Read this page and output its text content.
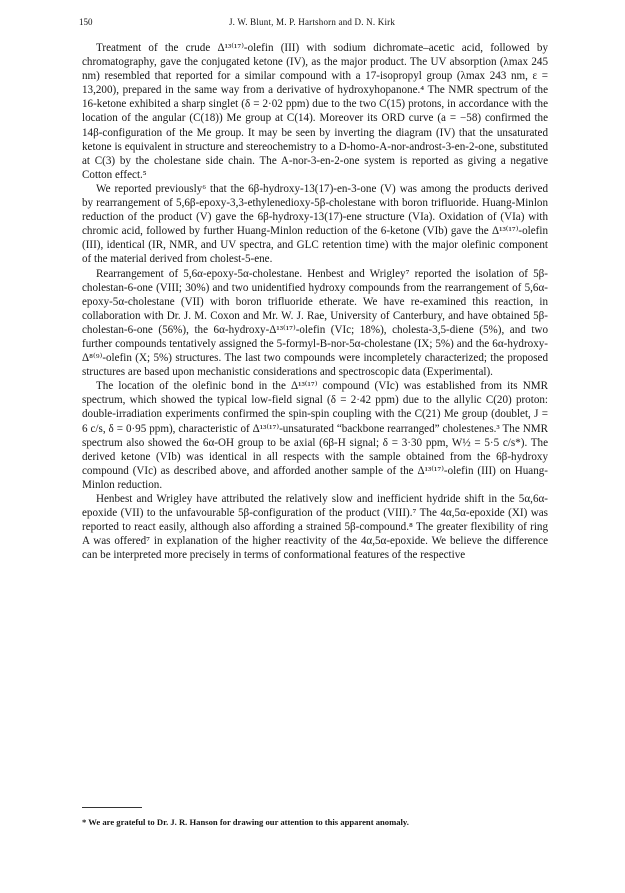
150	J. W. Blunt, M. P. Hartshorn and D. N. Kirk

Treatment of the crude Δ¹³⁽¹⁷⁾-olefin (III) with sodium dichromate–acetic acid, followed by chromatography, gave the conjugated ketone (IV), as the major product. The UV absorption (λmax 245 nm) resembled that reported for a similar compound with a 17-isopropyl group (λmax 243 nm, ε = 13,200), prepared in the same way from a derivative of hydroxyhopanone.⁴ The NMR spectrum of the 16-ketone exhibited a sharp singlet (δ = 2·02 ppm) due to the two C(15) protons, in accordance with the location of the angular (C(18)) Me group at C(14). Moreover its ORD curve (a = −58) confirmed the 14β-configuration of the Me group. It may be seen by inverting the diagram (IV) that the unsaturated ketone is equivalent in structure and stereochemistry to a D-homo-A-nor-androst-3-en-2-one, substituted at C(3) by the cholestane side chain. The A-nor-3-en-2-one system is reported as giving a negative Cotton effect.⁵

We reported previously⁶ that the 6β-hydroxy-13(17)-en-3-one (V) was among the products derived by rearrangement of 5,6β-epoxy-3,3-ethylenedioxy-5β-cholestane with boron trifluoride. Huang-Minlon reduction of the product (V) gave the 6β-hydroxy-13(17)-ene structure (VIa). Oxidation of (VIa) with chromic acid, followed by further Huang-Minlon reduction of the 6-ketone (VIb) gave the Δ¹³⁽¹⁷⁾-olefin (III), identical (IR, NMR, and UV spectra, and GLC retention time) with the major olefinic component of the material derived from cholest-5-ene.

Rearrangement of 5,6α-epoxy-5α-cholestane. Henbest and Wrigley⁷ reported the isolation of 5β-cholestan-6-one (VIII; 30%) and two unidentified hydroxy compounds from the rearrangement of 5,6α-epoxy-5α-cholestane (VII) with boron trifluoride etherate. We have re-examined this reaction, in collaboration with Dr. J. M. Coxon and Mr. W. J. Rae, University of Canterbury, and have obtained 5β-cholestan-6-one (56%), the 6α-hydroxy-Δ¹³⁽¹⁷⁾-olefin (VIc; 18%), cholesta-3,5-diene (5%), and two further compounds tentatively assigned the 5-formyl-B-nor-5α-cholestane (IX; 5%) and the 6α-hydroxy-Δ⁸⁽⁹⁾-olefin (X; 5%) structures. The last two compounds were incompletely characterized; the proposed structures are based upon mechanistic considerations and spectroscopic data (Experimental).

The location of the olefinic bond in the Δ¹³⁽¹⁷⁾ compound (VIc) was established from its NMR spectrum, which showed the typical low-field signal (δ = 2·42 ppm) due to the allylic C(20) proton: double-irradiation experiments confirmed the spin-spin coupling with the C(21) Me group (doublet, J = 6 c/s, δ = 0·95 ppm), characteristic of Δ¹³⁽¹⁷⁾-unsaturated “backbone rearranged” cholestenes.³ The NMR spectrum also showed the 6α-OH group to be axial (6β-H signal; δ = 3·30 ppm, W½ = 5·5 c/s*). The derived ketone (VIb) was identical in all respects with the sample obtained from the 6β-hydroxy compound (VIc) as described above, and afforded another sample of the Δ¹³⁽¹⁷⁾-olefin (III) on Huang-Minlon reduction.

Henbest and Wrigley have attributed the relatively slow and inefficient hydride shift in the 5α,6α-epoxide (VII) to the unfavourable 5β-configuration of the product (VIII).⁷ The 4α,5α-epoxide (XI) was reported to react easily, although also affording a strained 5β-compound.⁸ The greater flexibility of ring A was offered⁷ in explanation of the higher reactivity of the 4α,5α-epoxide. We believe the difference can be interpreted more precisely in terms of conformational features of the respective

* We are grateful to Dr. J. R. Hanson for drawing our attention to this apparent anomaly.
